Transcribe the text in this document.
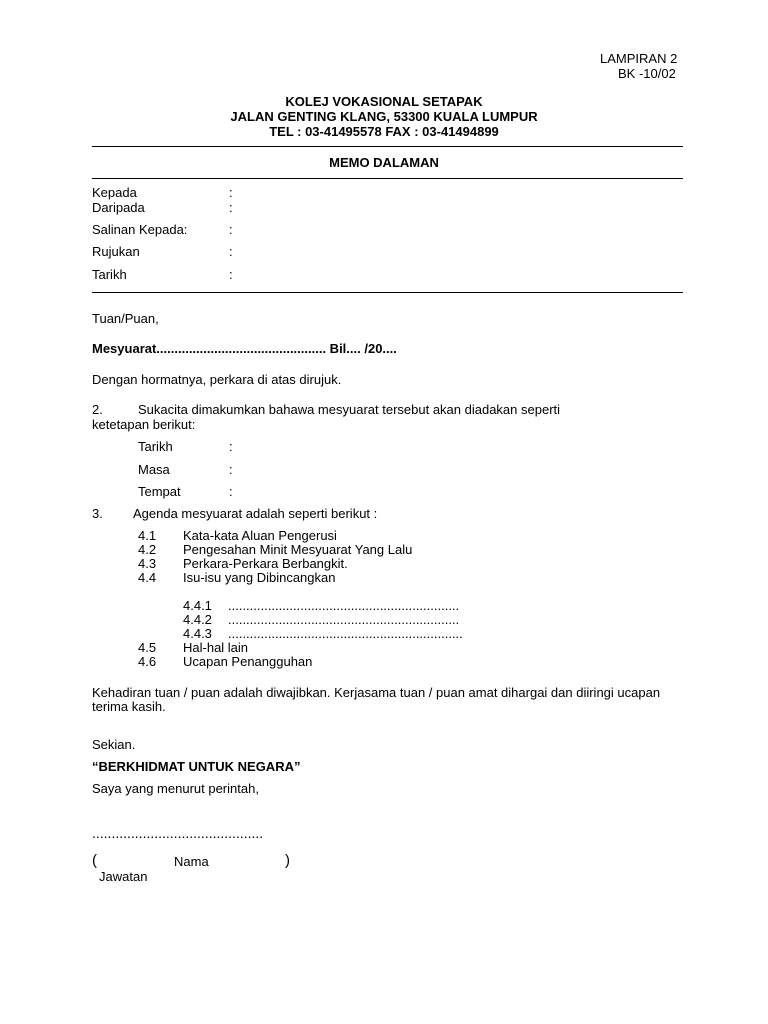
LAMPIRAN 2
BK -10/02
KOLEJ VOKASIONAL SETAPAK
JALAN GENTING KLANG, 53300 KUALA LUMPUR
TEL : 03-41495578 FAX : 03-41494899
MEMO DALAMAN
Kepada	:
Daripada	:
Salinan Kepada:	:
Rujukan	:
Tarikh	:
Tuan/Puan,
Mesyuarat............................................... Bil.... /20....
Dengan hormatnya, perkara di atas dirujuk.
2.	Sukacita dimakumkan bahawa mesyuarat tersebut akan diadakan seperti
ketetapan berikut:
Tarikh	:
Masa	:
Tempat	:
3. Agenda mesyuarat adalah seperti berikut :
4.1 Kata-kata Aluan Pengerusi
4.2 Pengesahan Minit Mesyuarat Yang Lalu
4.3 Perkara-Perkara Berbangkit.
4.4 Isu-isu yang Dibincangkan
4.4.1 ................................................................
4.4.2 ................................................................
4.4.3 .................................................................
4.5 Hal-hal lain
4.6 Ucapan Penangguhan
Kehadiran tuan / puan adalah diwajibkan. Kerjasama tuan / puan amat dihargai dan diiringi ucapan
terima kasih.
Sekian.
“BERKHIDMAT UNTUK NEGARA”
Saya yang menurut perintah,
............................................
(	Nama	)
Jawatan
